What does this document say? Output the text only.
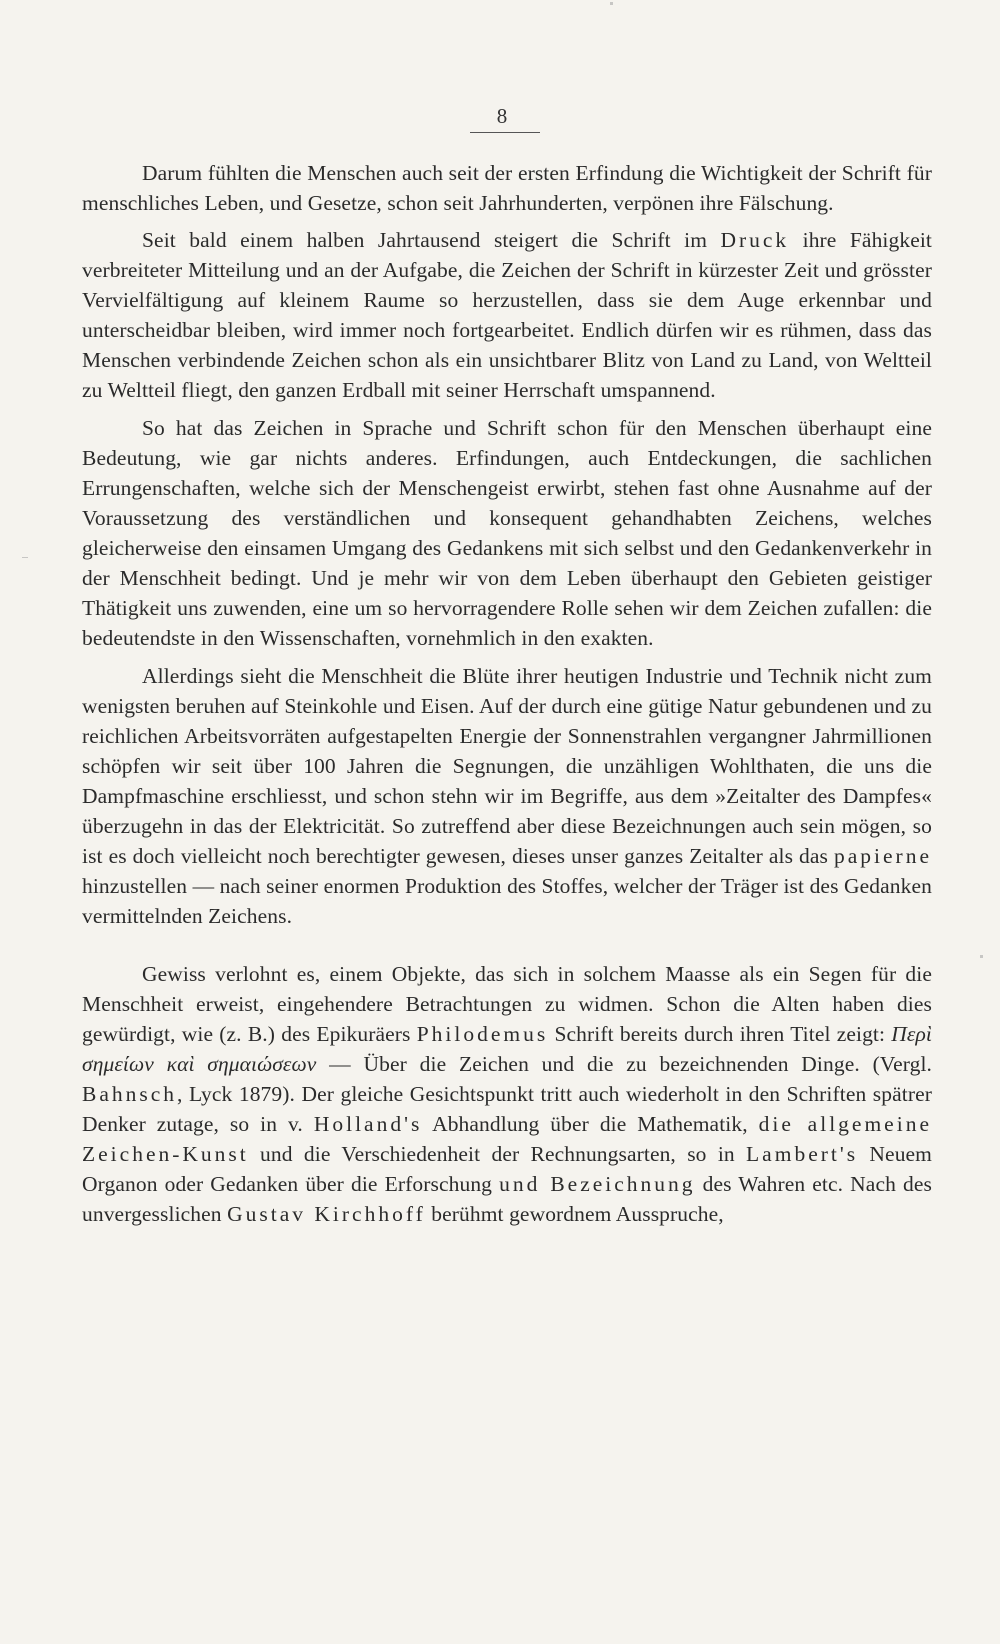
8

Darum fühlten die Menschen auch seit der ersten Erfindung die Wichtigkeit der Schrift für menschliches Leben, und Gesetze, schon seit Jahrhunderten, verpönen ihre Fälschung.

Seit bald einem halben Jahrtausend steigert die Schrift im Druck ihre Fähigkeit verbreiteter Mitteilung und an der Aufgabe, die Zeichen der Schrift in kürzester Zeit und grösster Vervielfältigung auf kleinem Raume so herzustellen, dass sie dem Auge erkennbar und unterscheidbar bleiben, wird immer noch fortgearbeitet. Endlich dürfen wir es rühmen, dass das Menschen verbindende Zeichen schon als ein unsichtbarer Blitz von Land zu Land, von Weltteil zu Weltteil fliegt, den ganzen Erdball mit seiner Herrschaft umspannend.

So hat das Zeichen in Sprache und Schrift schon für den Menschen überhaupt eine Bedeutung, wie gar nichts anderes. Erfindungen, auch Entdeckungen, die sachlichen Errungenschaften, welche sich der Menschengeist erwirbt, stehen fast ohne Ausnahme auf der Voraussetzung des verständlichen und konsequent gehandhabten Zeichens, welches gleicherweise den einsamen Umgang des Gedankens mit sich selbst und den Gedankenverkehr in der Menschheit bedingt. Und je mehr wir von dem Leben überhaupt den Gebieten geistiger Thätigkeit uns zuwenden, eine um so hervorragendere Rolle sehen wir dem Zeichen zufallen: die bedeutendste in den Wissenschaften, vornehmlich in den exakten.

Allerdings sieht die Menschheit die Blüte ihrer heutigen Industrie und Technik nicht zum wenigsten beruhen auf Steinkohle und Eisen. Auf der durch eine gütige Natur gebundenen und zu reichlichen Arbeitsvorräten aufgestapelten Energie der Sonnenstrahlen vergangner Jahrmillionen schöpfen wir seit über 100 Jahren die Segnungen, die unzähligen Wohlthaten, die uns die Dampfmaschine erschliesst, und schon stehn wir im Begriffe, aus dem »Zeitalter des Dampfes« überzugehn in das der Elektricität. So zutreffend aber diese Bezeichnungen auch sein mögen, so ist es doch vielleicht noch berechtigter gewesen, dieses unser ganzes Zeitalter als das papierne hinzustellen — nach seiner enormen Produktion des Stoffes, welcher der Träger ist des Gedanken vermittelnden Zeichens.

Gewiss verlohnt es, einem Objekte, das sich in solchem Maasse als ein Segen für die Menschheit erweist, eingehendere Betrachtungen zu widmen. Schon die Alten haben dies gewürdigt, wie (z. B.) des Epikuräers Philodemus Schrift bereits durch ihren Titel zeigt: Περὶ σημείων καὶ σημαιώσεων — Über die Zeichen und die zu bezeichnenden Dinge. (Vergl. Bahnsch, Lyck 1879). Der gleiche Gesichtspunkt tritt auch wiederholt in den Schriften spätrer Denker zutage, so in v. Holland's Abhandlung über die Mathematik, die allgemeine Zeichen-Kunst und die Verschiedenheit der Rechnungsarten, so in Lambert's Neuem Organon oder Gedanken über die Erforschung und Bezeichnung des Wahren etc. Nach des unvergesslichen Gustav Kirchhoff berühmt gewordnem Ausspruche,
